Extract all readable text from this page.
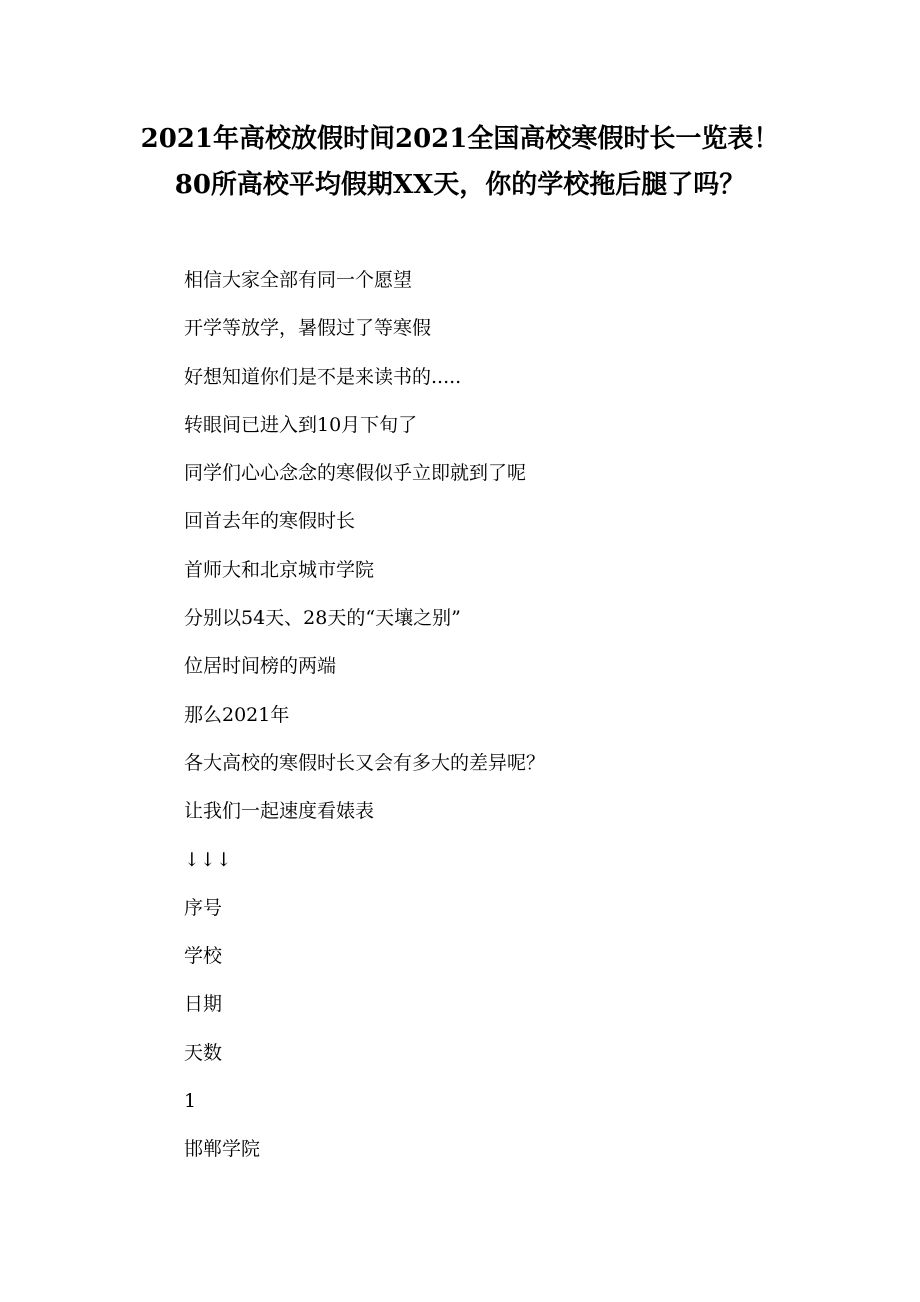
2021年高校放假时间2021全国高校寒假时长一览表！
80所高校平均假期XX天，你的学校拖后腿了吗？
相信大家全部有同一个愿望
开学等放学，暑假过了等寒假
好想知道你们是不是来读书的.....
转眼间已进入到10月下旬了
同学们心心念念的寒假似乎立即就到了呢
回首去年的寒假时长
首师大和北京城市学院
分别以54天、28天的“天壤之别”
位居时间榜的两端
那么2021年
各大高校的寒假时长又会有多大的差异呢？
让我们一起速度看婊表
↓↓↓
序号
学校
日期
天数
1
邯郸学院
